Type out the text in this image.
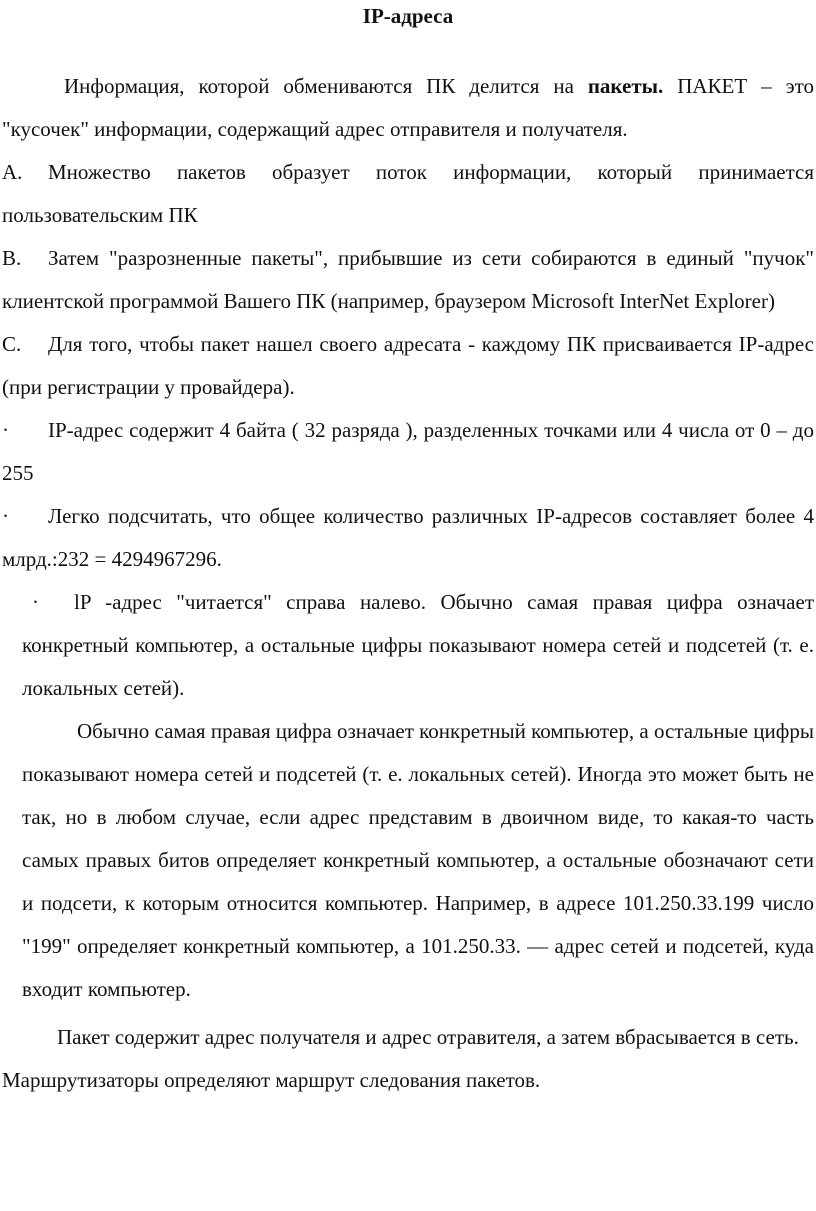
IP-адреса

Информация, которой обмениваются ПК делится на пакеты. ПАКЕТ – это "кусочек" информации, содержащий адрес отправителя и получателя.

А. Множество пакетов образует поток информации, который принимается пользовательским ПК

В. Затем "разрозненные пакеты", прибывшие из сети собираются в единый "пучок" клиентской программой Вашего ПК (например, браузером Microsoft InterNet Explorer)

С. Для того, чтобы пакет нашел своего адресата - каждому ПК присваивается IP-адрес (при регистрации у провайдера).

· IP-адрес содержит 4 байта ( 32 разряда ), разделенных точками или 4 числа от 0 – до 255

· Легко подсчитать, что общее количество различных IP-адресов составляет более 4 млрд.:232 = 4294967296.

· lP -адрес "читается" справа налево. Обычно самая правая цифра означает конкретный компьютер, а остальные цифры показывают номера сетей и подсетей (т. е. локальных сетей).

Обычно самая правая цифра означает конкретный компьютер, а остальные цифры показывают номера сетей и подсетей (т. е. локальных сетей). Иногда это может быть не так, но в любом случае, если адрес представим в двоичном виде, то какая-то часть самых правых битов определяет конкретный компьютер, а остальные обозначают сети и подсети, к которым относится компьютер. Например, в адресе 101.250.33.199 число "199" определяет конкретный компьютер, а 101.250.33. — адрес сетей и подсетей, куда входит компьютер.

Пакет содержит адрес получателя и адрес отравителя, а затем вбрасывается в сеть.

Маршрутизаторы определяют маршрут следования пакетов.
